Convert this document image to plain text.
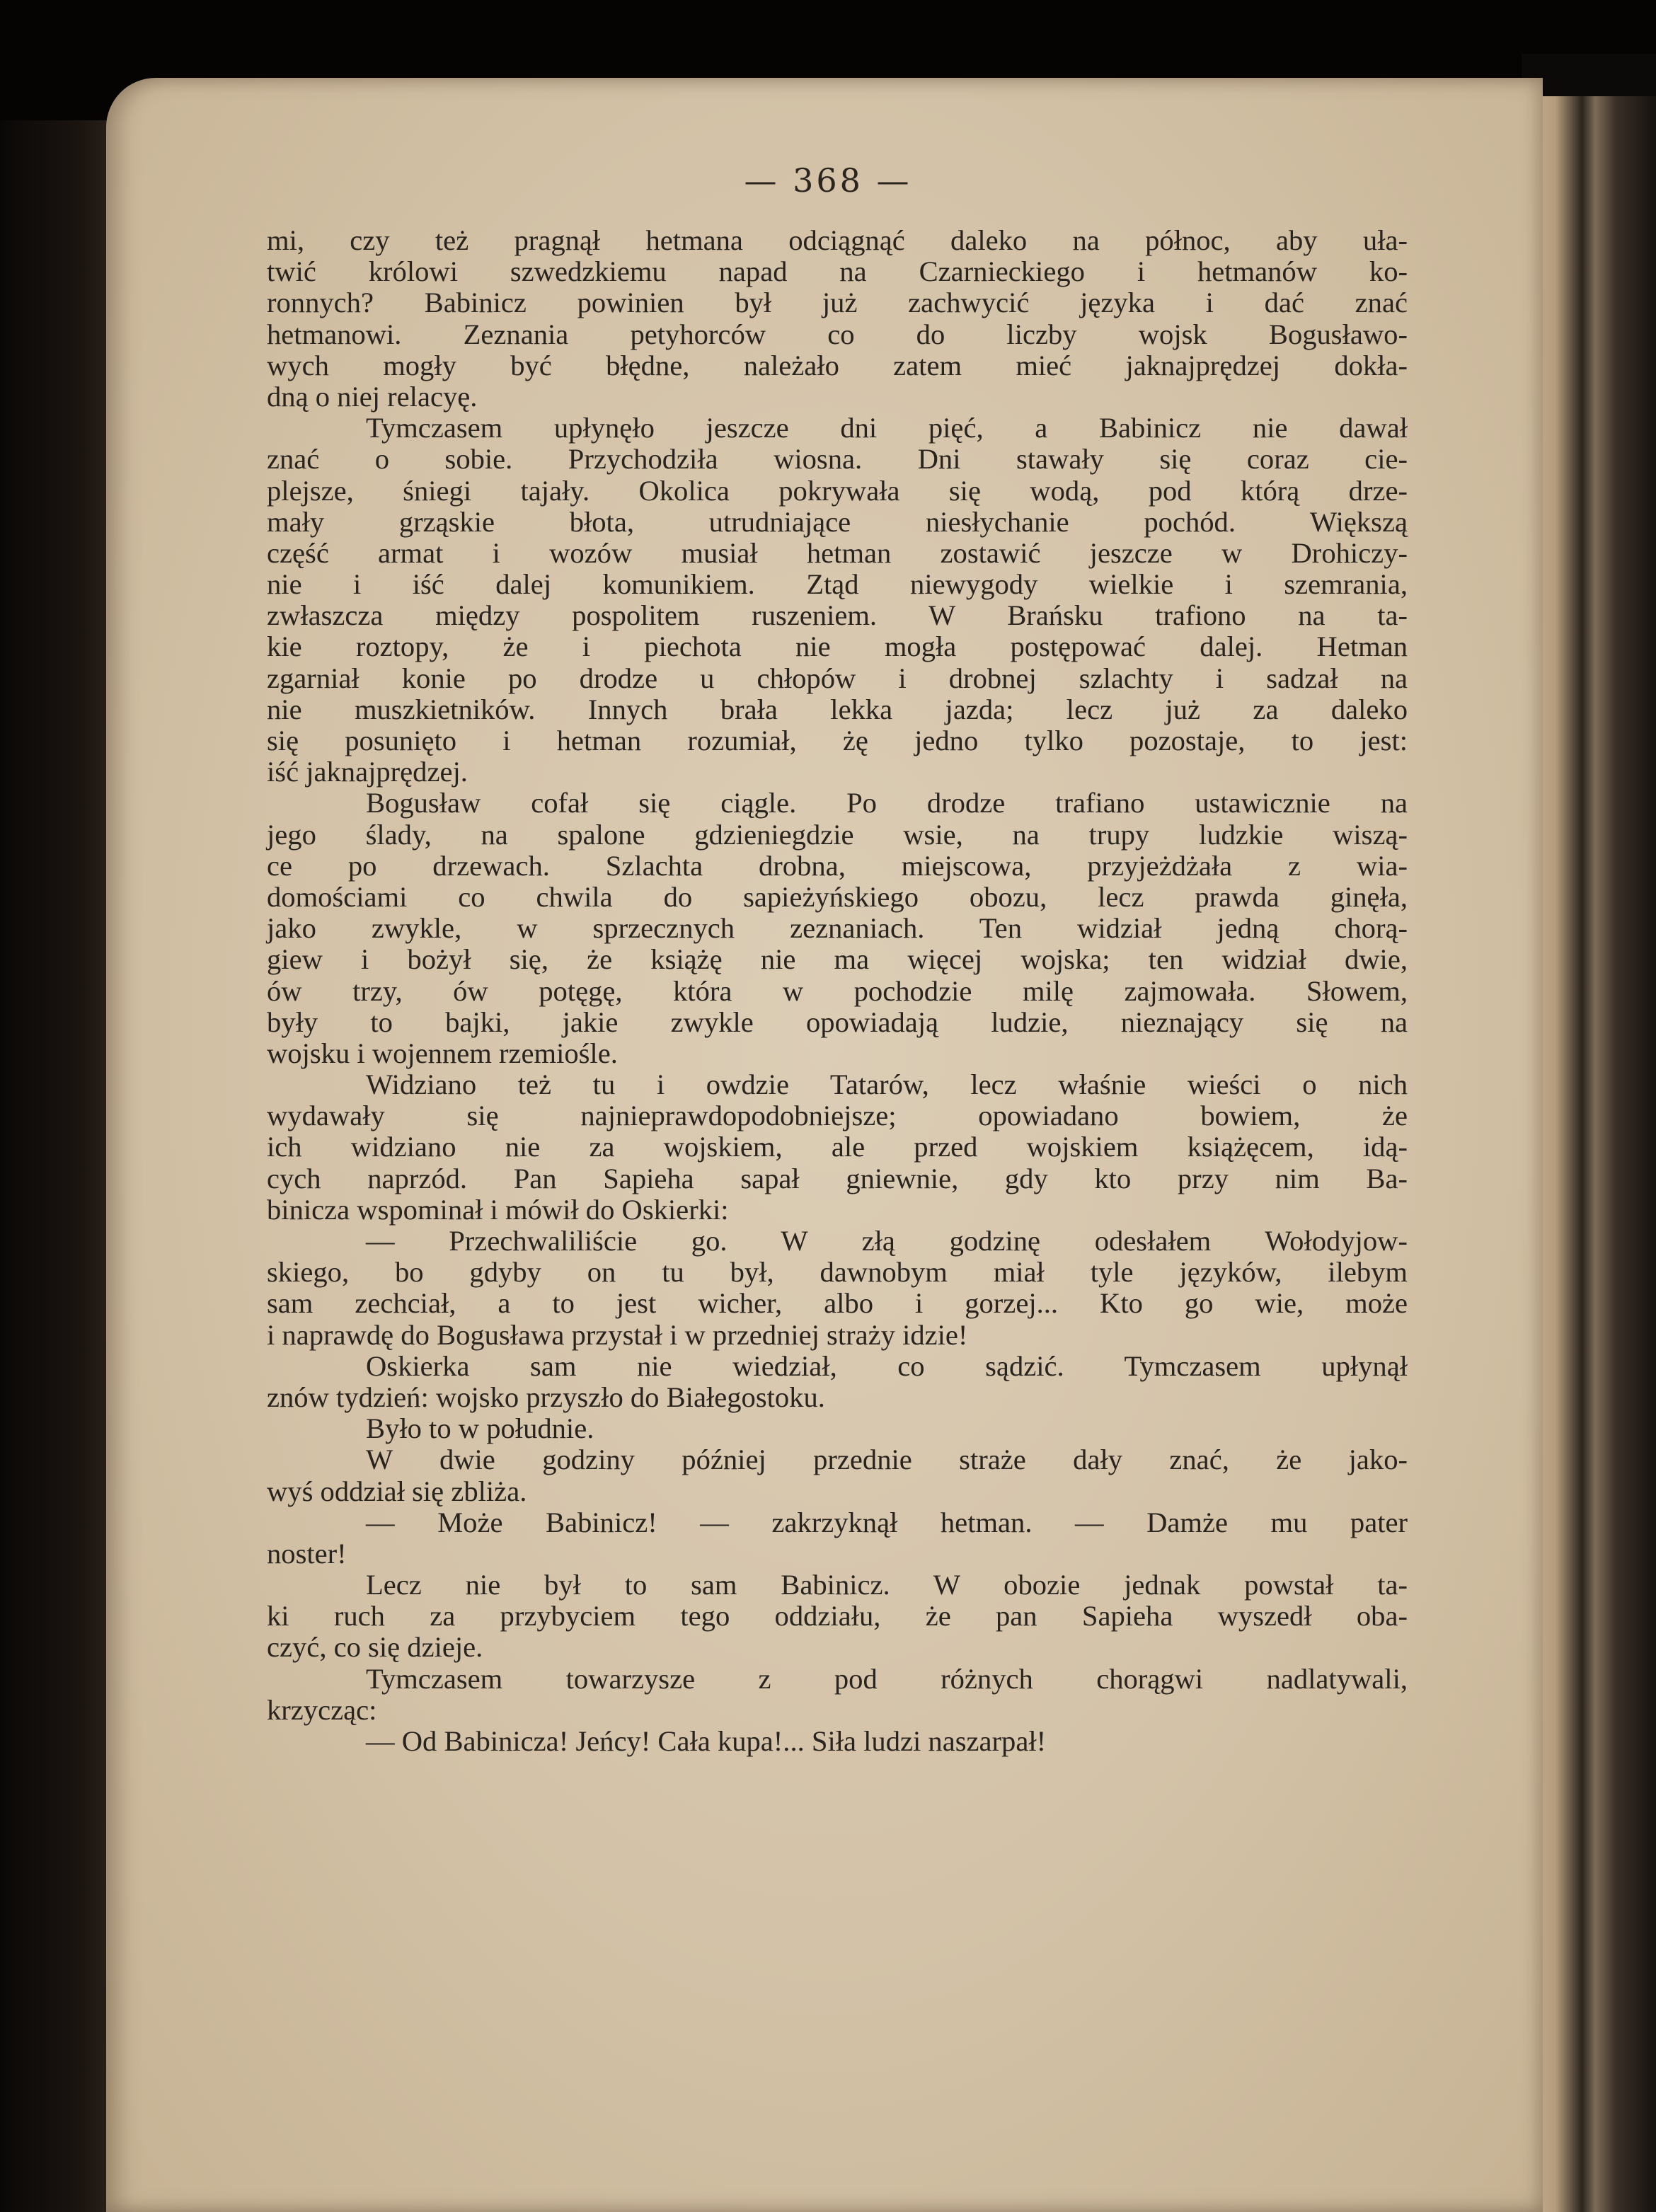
— 368 —
mi, czy też pragnął hetmana odciągnąć daleko na północ, aby uła-
twić królowi szwedzkiemu napad na Czarnieckiego i hetmanów ko-
ronnych? Babinicz powinien był już zachwycić języka i dać znać
hetmanowi. Zeznania petyhorców co do liczby wojsk Bogusławo-
wych mogły być błędne, należało zatem mieć jaknajprędzej dokła-
dną o niej relacyę.
Tymczasem upłynęło jeszcze dni pięć, a Babinicz nie dawał
znać o sobie. Przychodziła wiosna. Dni stawały się coraz cie-
plejsze, śniegi tajały. Okolica pokrywała się wodą, pod którą drze-
mały grząskie błota, utrudniające niesłychanie pochód. Większą
część armat i wozów musiał hetman zostawić jeszcze w Drohiczy-
nie i iść dalej komunikiem. Ztąd niewygody wielkie i szemrania,
zwłaszcza między pospolitem ruszeniem. W Brańsku trafiono na ta-
kie roztopy, że i piechota nie mogła postępować dalej. Hetman
zgarniał konie po drodze u chłopów i drobnej szlachty i sadzał na
nie muszkietników. Innych brała lekka jazda; lecz już za daleko
się posunięto i hetman rozumiał, żę jedno tylko pozostaje, to jest:
iść jaknajprędzej.
Bogusław cofał się ciągle. Po drodze trafiano ustawicznie na
jego ślady, na spalone gdzieniegdzie wsie, na trupy ludzkie wiszą-
ce po drzewach. Szlachta drobna, miejscowa, przyjeżdżała z wia-
domościami co chwila do sapieżyńskiego obozu, lecz prawda ginęła,
jako zwykle, w sprzecznych zeznaniach. Ten widział jedną chorą-
giew i bożył się, że książę nie ma więcej wojska; ten widział dwie,
ów trzy, ów potęgę, która w pochodzie milę zajmowała. Słowem,
były to bajki, jakie zwykle opowiadają ludzie, nieznający się na
wojsku i wojennem rzemiośle.
Widziano też tu i owdzie Tatarów, lecz właśnie wieści o nich
wydawały się najnieprawdopodobniejsze; opowiadano bowiem, że
ich widziano nie za wojskiem, ale przed wojskiem książęcem, idą-
cych naprzód. Pan Sapieha sapał gniewnie, gdy kto przy nim Ba-
binicza wspominał i mówił do Oskierki:
— Przechwaliliście go. W złą godzinę odesłałem Wołodyjow-
skiego, bo gdyby on tu był, dawnobym miał tyle języków, ilebym
sam zechciał, a to jest wicher, albo i gorzej... Kto go wie, może
i naprawdę do Bogusława przystał i w przedniej straży idzie!
Oskierka sam nie wiedział, co sądzić. Tymczasem upłynął
znów tydzień: wojsko przyszło do Białegostoku.
Było to w południe.
W dwie godziny później przednie straże dały znać, że jako-
wyś oddział się zbliża.
— Może Babinicz! — zakrzyknął hetman. — Damże mu pater
noster!
Lecz nie był to sam Babinicz. W obozie jednak powstał ta-
ki ruch za przybyciem tego oddziału, że pan Sapieha wyszedł oba-
czyć, co się dzieje.
Tymczasem towarzysze z pod różnych chorągwi nadlatywali,
krzycząc:
— Od Babinicza! Jeńcy! Cała kupa!... Siła ludzi naszarpał!
